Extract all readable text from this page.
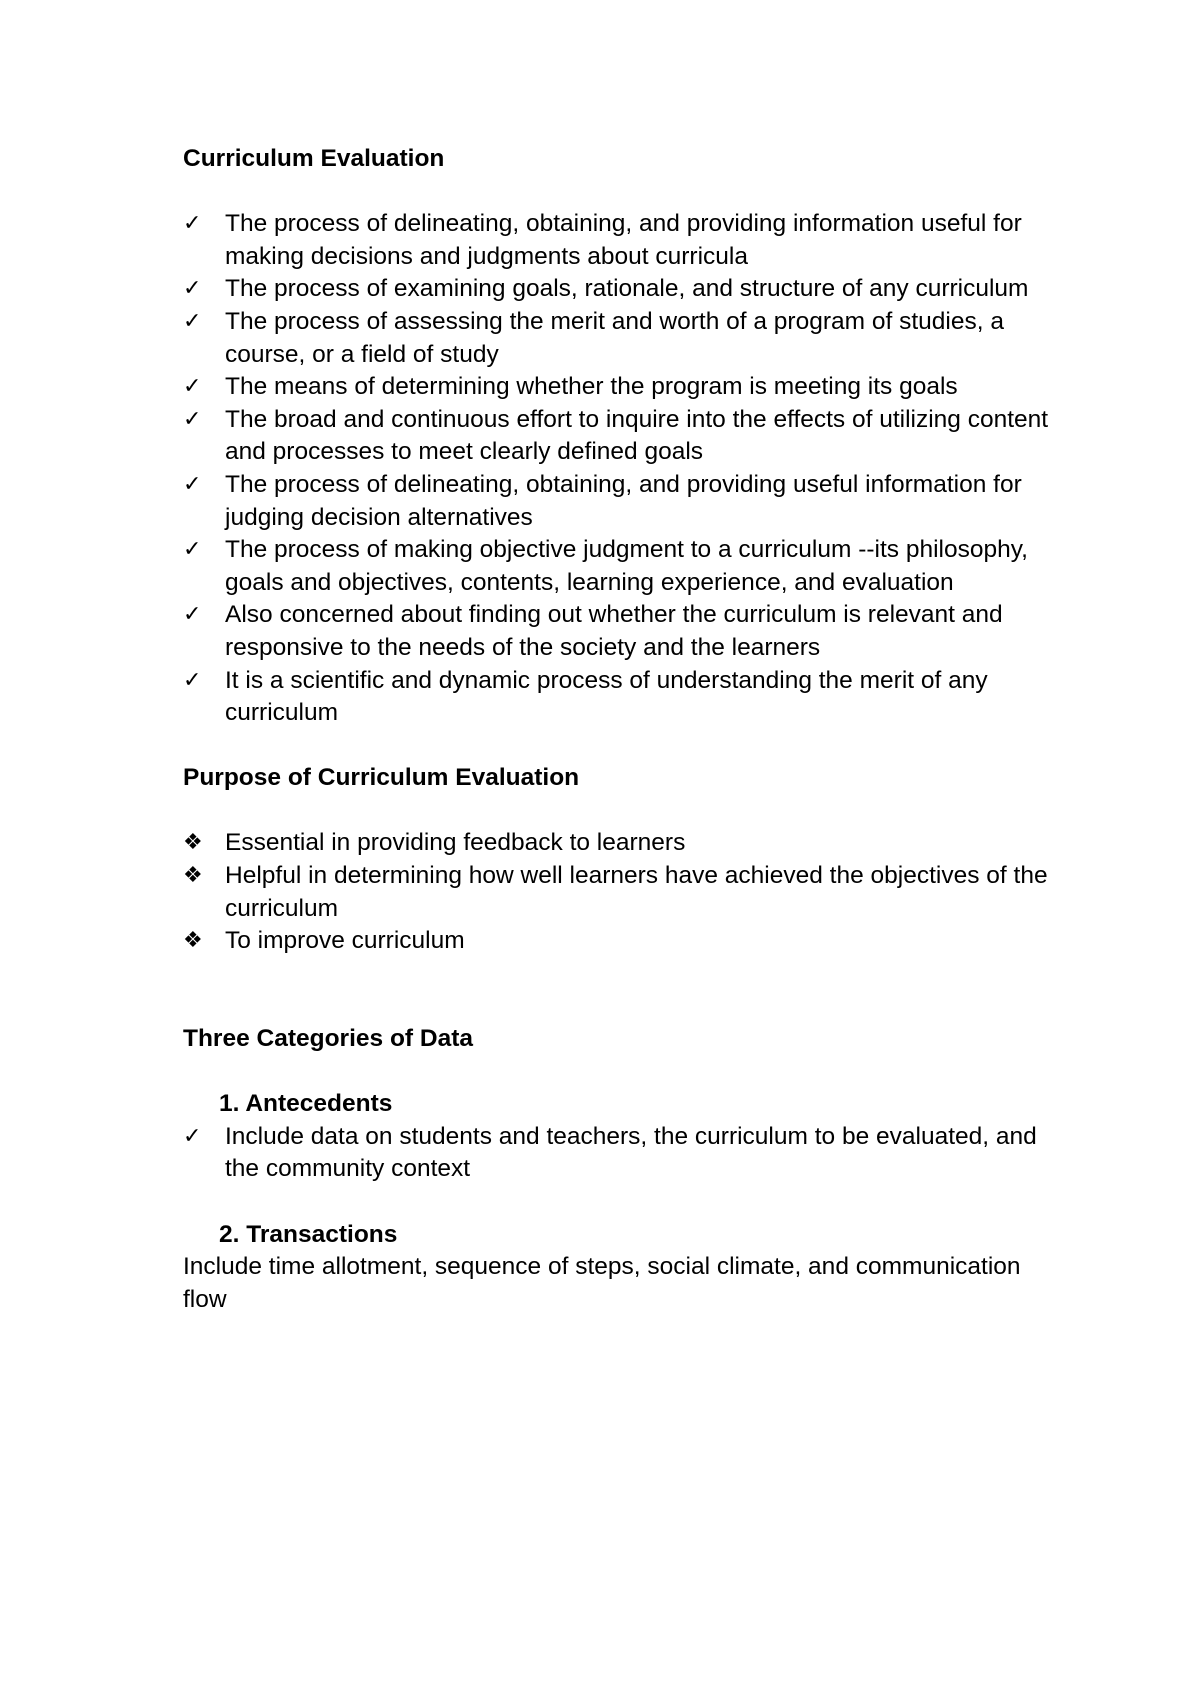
Curriculum Evaluation
✓ The process of delineating, obtaining, and providing information useful for making decisions and judgments about curricula
✓ The process of examining goals, rationale, and structure of any curriculum
✓ The process of assessing the merit and worth of a program of studies, a course, or a field of study
✓ The means of determining whether the program is meeting its goals
✓ The broad and continuous effort to inquire into the effects of utilizing content and processes to meet clearly defined goals
✓ The process of delineating, obtaining, and providing useful information for judging decision alternatives
✓ The process of making objective judgment to a curriculum --its philosophy, goals and objectives, contents, learning experience, and evaluation
✓ Also concerned about finding out whether the curriculum is relevant and responsive to the needs of the society and the learners
✓ It is a scientific and dynamic process of understanding the merit of any curriculum
Purpose of Curriculum Evaluation
❖ Essential in providing feedback to learners
❖ Helpful in determining how well learners have achieved the objectives of the curriculum
❖ To improve curriculum
Three Categories of Data
1. Antecedents
✓ Include data on students and teachers, the curriculum to be evaluated, and the community context
2. Transactions

Include time allotment, sequence of steps, social climate, and communication flow
